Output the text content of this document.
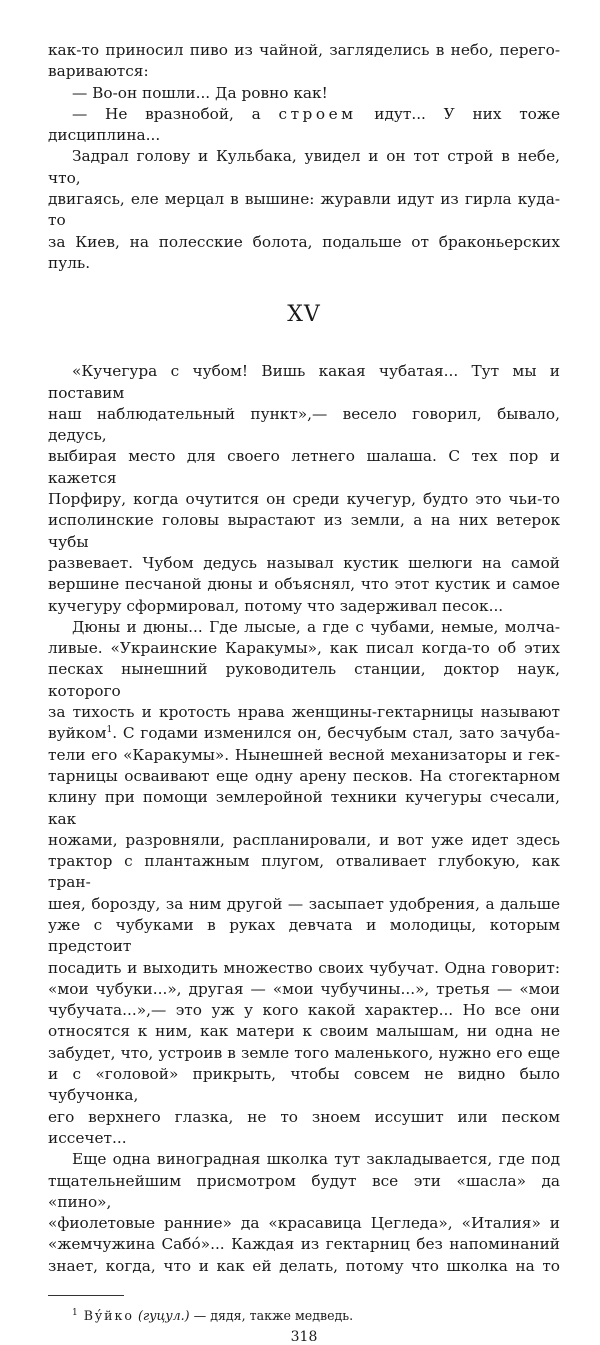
как-то приносил пиво из чайной, загляделись в небо, перего-
вариваются:
— Во-он пошли... Да ровно как!
— Не вразнобой, а строем идут... У них тоже
дисциплина...
Задрал голову и Кульбака, увидел и он тот строй в небе, что,
двигаясь, еле мерцал в вышине: журавли идут из гирла куда-то
за Киев, на полесские болота, подальше от браконьерских пуль.
XV
«Кучегура с чубом! Вишь какая чубатая... Тут мы и поставим
наш наблюдательный пункт»,— весело говорил, бывало, дедусь,
выбирая место для своего летнего шалаша. С тех пор и кажется
Порфиру, когда очутится он среди кучегур, будто это чьи-то
исполинские головы вырастают из земли, а на них ветерок чубы
развевает. Чубом дедусь называл кустик шелюги на самой
вершине песчаной дюны и объяснял, что этот кустик и самое
кучегуру сформировал, потому что задерживал песок...
Дюны и дюны... Где лысые, а где с чубами, немые, молча-
ливые. «Украинские Каракумы», как писал когда-то об этих
песках нынешний руководитель станции, доктор наук, которого
за тихость и кротость нрава женщины-гектарницы называют
вуйком$^1$. С годами изменился он, бесчубым стал, зато зачуба-
тели его «Каракумы». Нынешней весной механизаторы и гек-
тарницы осваивают еще одну арену песков. На стогектарном
клину при помощи землеройной техники кучегуры счесали, как
ножами, разровняли, распланировали, и вот уже идет здесь
трактор с плантажным плугом, отваливает глубокую, как тран-
шея, борозду, за ним другой — засыпает удобрения, а дальше
уже с чубуками в руках девчата и молодицы, которым предстоит
посадить и выходить множество своих чубучат. Одна говорит:
«мои чубуки...», другая — «мои чубучины...», третья — «мои
чубучата...»,— это уж у кого какой характер... Но все они
относятся к ним, как матери к своим малышам, ни одна не
забудет, что, устроив в земле того маленького, нужно его еще
и с «головой» прикрыть, чтобы совсем не видно было чубучонка,
его верхнего глазка, не то зноем иссушит или песком иссечет...
Еще одна виноградная школка тут закладывается, где под
тщательнейшим присмотром будут все эти «шасла» да «пино»,
«фиолетовые ранние» да «красавица Цегледа», «Италия» и
«жемчужина Сабó»... Каждая из гектарниц без напоминаний
знает, когда, что и как ей делать, потому что школка на то
$^1$ Вýйко (гуцул.) — дядя, также медведь.
318
